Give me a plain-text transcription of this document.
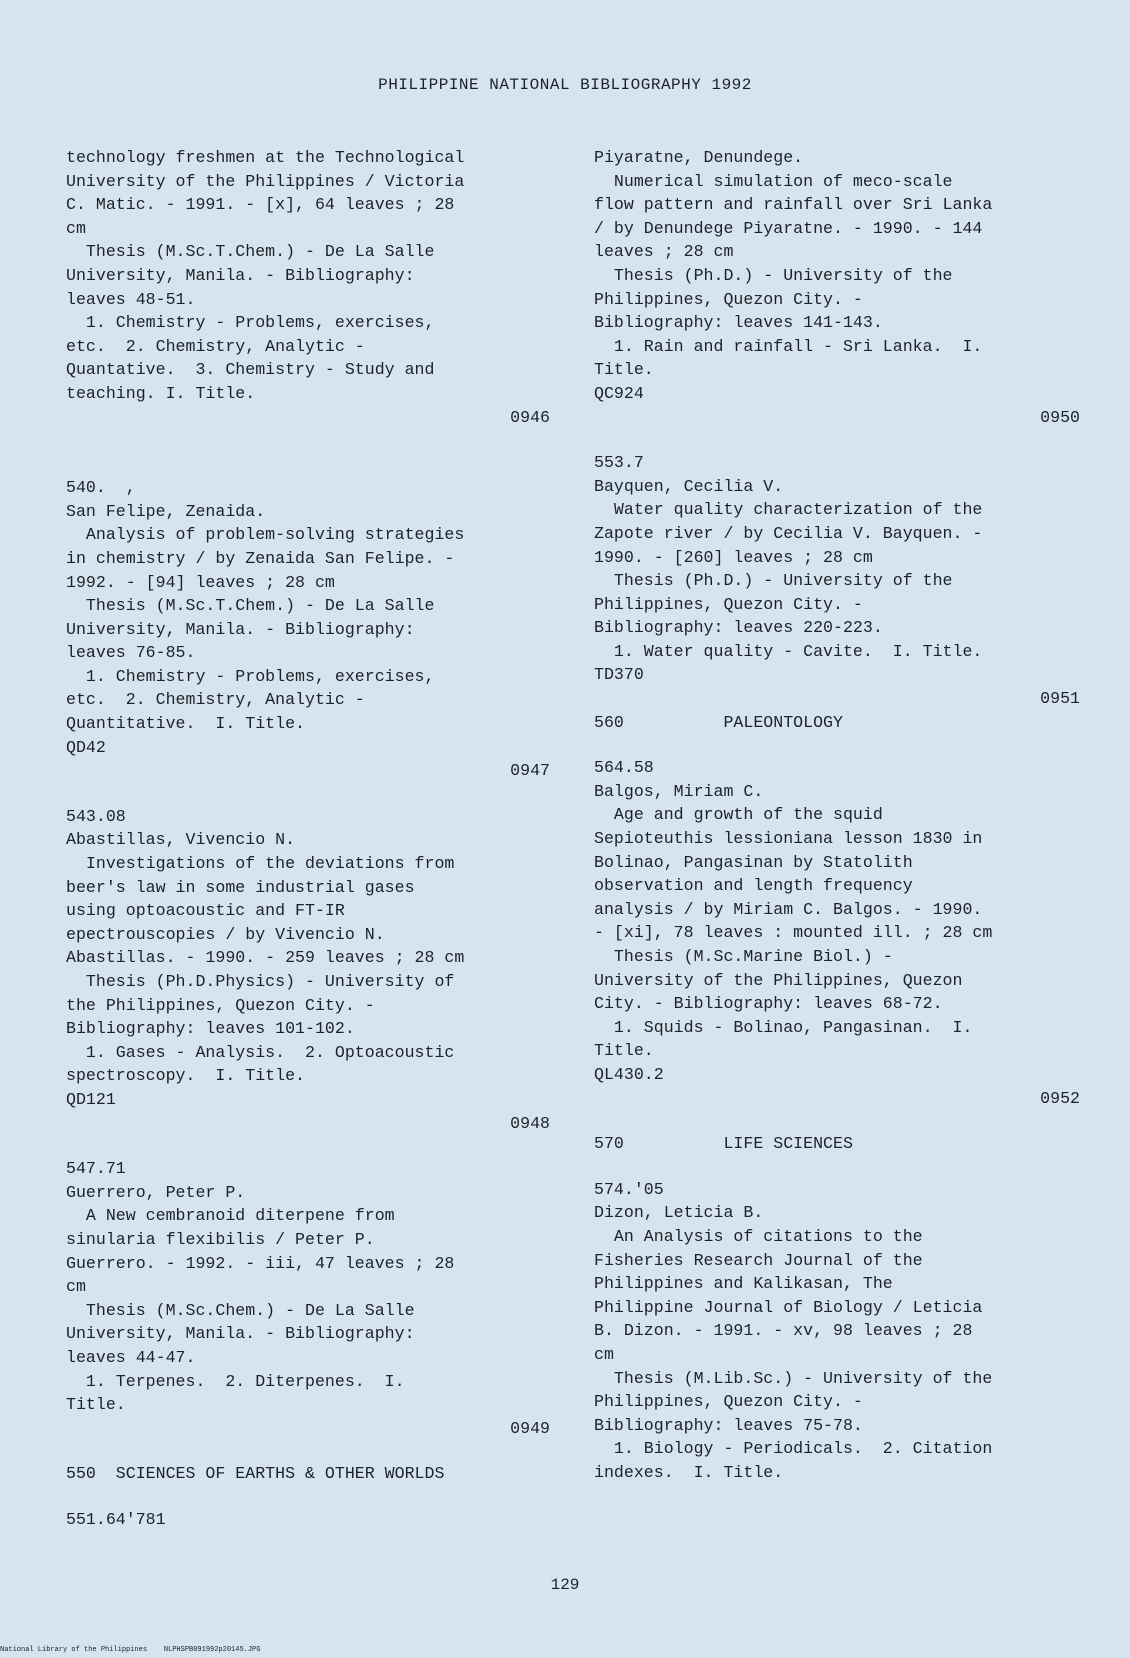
PHILIPPINE NATIONAL BIBLIOGRAPHY 1992
technology freshmen at the Technological
University of the Philippines / Victoria
C. Matic. - 1991. - [x], 64 leaves ; 28
cm
Thesis (M.Sc.T.Chem.) - De La Salle
University, Manila. - Bibliography:
leaves 48-51.
1. Chemistry - Problems, exercises,
etc.  2. Chemistry, Analytic -
Quantative.  3. Chemistry - Study and
teaching. I. Title.
0946
540.  ,
San Felipe, Zenaida.
Analysis of problem-solving strategies
in chemistry / by Zenaida San Felipe. -
1992. - [94] leaves ; 28 cm
Thesis (M.Sc.T.Chem.) - De La Salle
University, Manila. - Bibliography:
leaves 76-85.
1. Chemistry - Problems, exercises,
etc.  2. Chemistry, Analytic -
Quantitative.  I. Title.
QD42
0947
543.08
Abastillas, Vivencio N.
Investigations of the deviations from
beer's law in some industrial gases
using optoacoustic and FT-IR
epectrouscopies / by Vivencio N.
Abastillas. - 1990. - 259 leaves ; 28 cm
Thesis (Ph.D.Physics) - University of
the Philippines, Quezon City. -
Bibliography: leaves 101-102.
1. Gases - Analysis.  2. Optoacoustic
spectroscopy.  I. Title.
QD121
0948
547.71
Guerrero, Peter P.
A New cembranoid diterpene from
sinularia flexibilis / Peter P.
Guerrero. - 1992. - iii, 47 leaves ; 28
cm
Thesis (M.Sc.Chem.) - De La Salle
University, Manila. - Bibliography:
leaves 44-47.
1. Terpenes.  2. Diterpenes.  I.
Title.
0949
550  SCIENCES OF EARTHS & OTHER WORLDS
551.64'781
Piyaratne, Denundege.
Numerical simulation of meco-scale
flow pattern and rainfall over Sri Lanka
/ by Denundege Piyaratne. - 1990. - 144
leaves ; 28 cm
Thesis (Ph.D.) - University of the
Philippines, Quezon City. -
Bibliography: leaves 141-143.
1. Rain and rainfall - Sri Lanka.  I.
Title.
QC924
0950
553.7
Bayquen, Cecilia V.
Water quality characterization of the
Zapote river / by Cecilia V. Bayquen. -
1990. - [260] leaves ; 28 cm
Thesis (Ph.D.) - University of the
Philippines, Quezon City. -
Bibliography: leaves 220-223.
1. Water quality - Cavite.  I. Title.
TD370
0951
560          PALEONTOLOGY
564.58
Balgos, Miriam C.
Age and growth of the squid
Sepioteuthis lessioniana lesson 1830 in
Bolinao, Pangasinan by Statolith
observation and length frequency
analysis / by Miriam C. Balgos. - 1990.
- [xi], 78 leaves : mounted ill. ; 28 cm
Thesis (M.Sc.Marine Biol.) -
University of the Philippines, Quezon
City. - Bibliography: leaves 68-72.
1. Squids - Bolinao, Pangasinan.  I.
Title.
QL430.2
0952
570          LIFE SCIENCES
574.'05
Dizon, Leticia B.
An Analysis of citations to the
Fisheries Research Journal of the
Philippines and Kalikasan, The
Philippine Journal of Biology / Leticia
B. Dizon. - 1991. - xv, 98 leaves ; 28
cm
Thesis (M.Lib.Sc.) - University of the
Philippines, Quezon City. -
Bibliography: leaves 75-78.
1. Biology - Periodicals.  2. Citation
indexes.  I. Title.
129
National Library of the Philippines    NLPHSPB091992p20145.JPG
